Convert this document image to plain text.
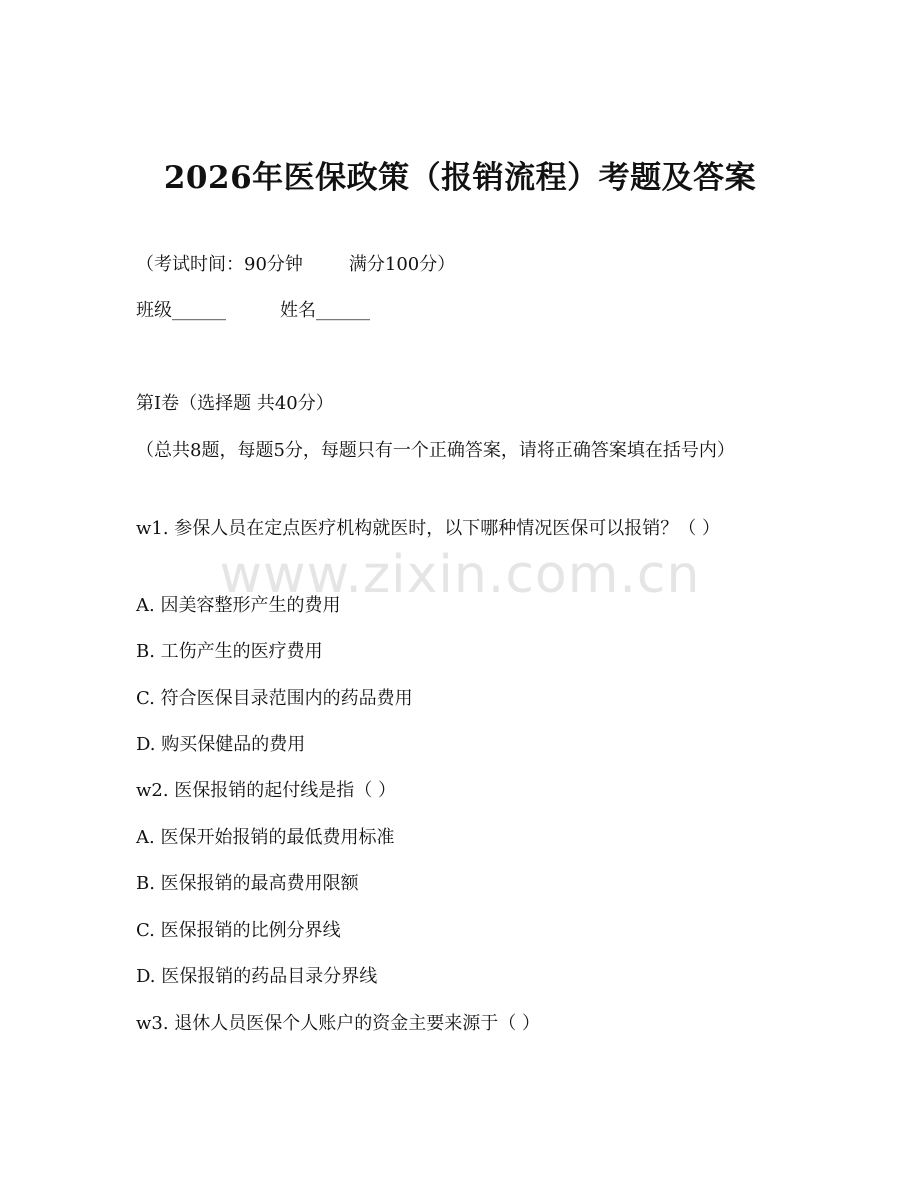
2026年医保政策（报销流程）考题及答案
（考试时间：90分钟	满分100分）
班级______	姓名______
第Ⅰ卷（选择题 共40分）
（总共8题，每题5分，每题只有一个正确答案，请将正确答案填在括号内）
w1. 参保人员在定点医疗机构就医时，以下哪种情况医保可以报销？（ ）
A. 因美容整形产生的费用
B. 工伤产生的医疗费用
C. 符合医保目录范围内的药品费用
D. 购买保健品的费用
w2. 医保报销的起付线是指（ ）
A. 医保开始报销的最低费用标准
B. 医保报销的最高费用限额
C. 医保报销的比例分界线
D. 医保报销的药品目录分界线
w3. 退休人员医保个人账户的资金主要来源于（ ）
www.zixin.com.cn
